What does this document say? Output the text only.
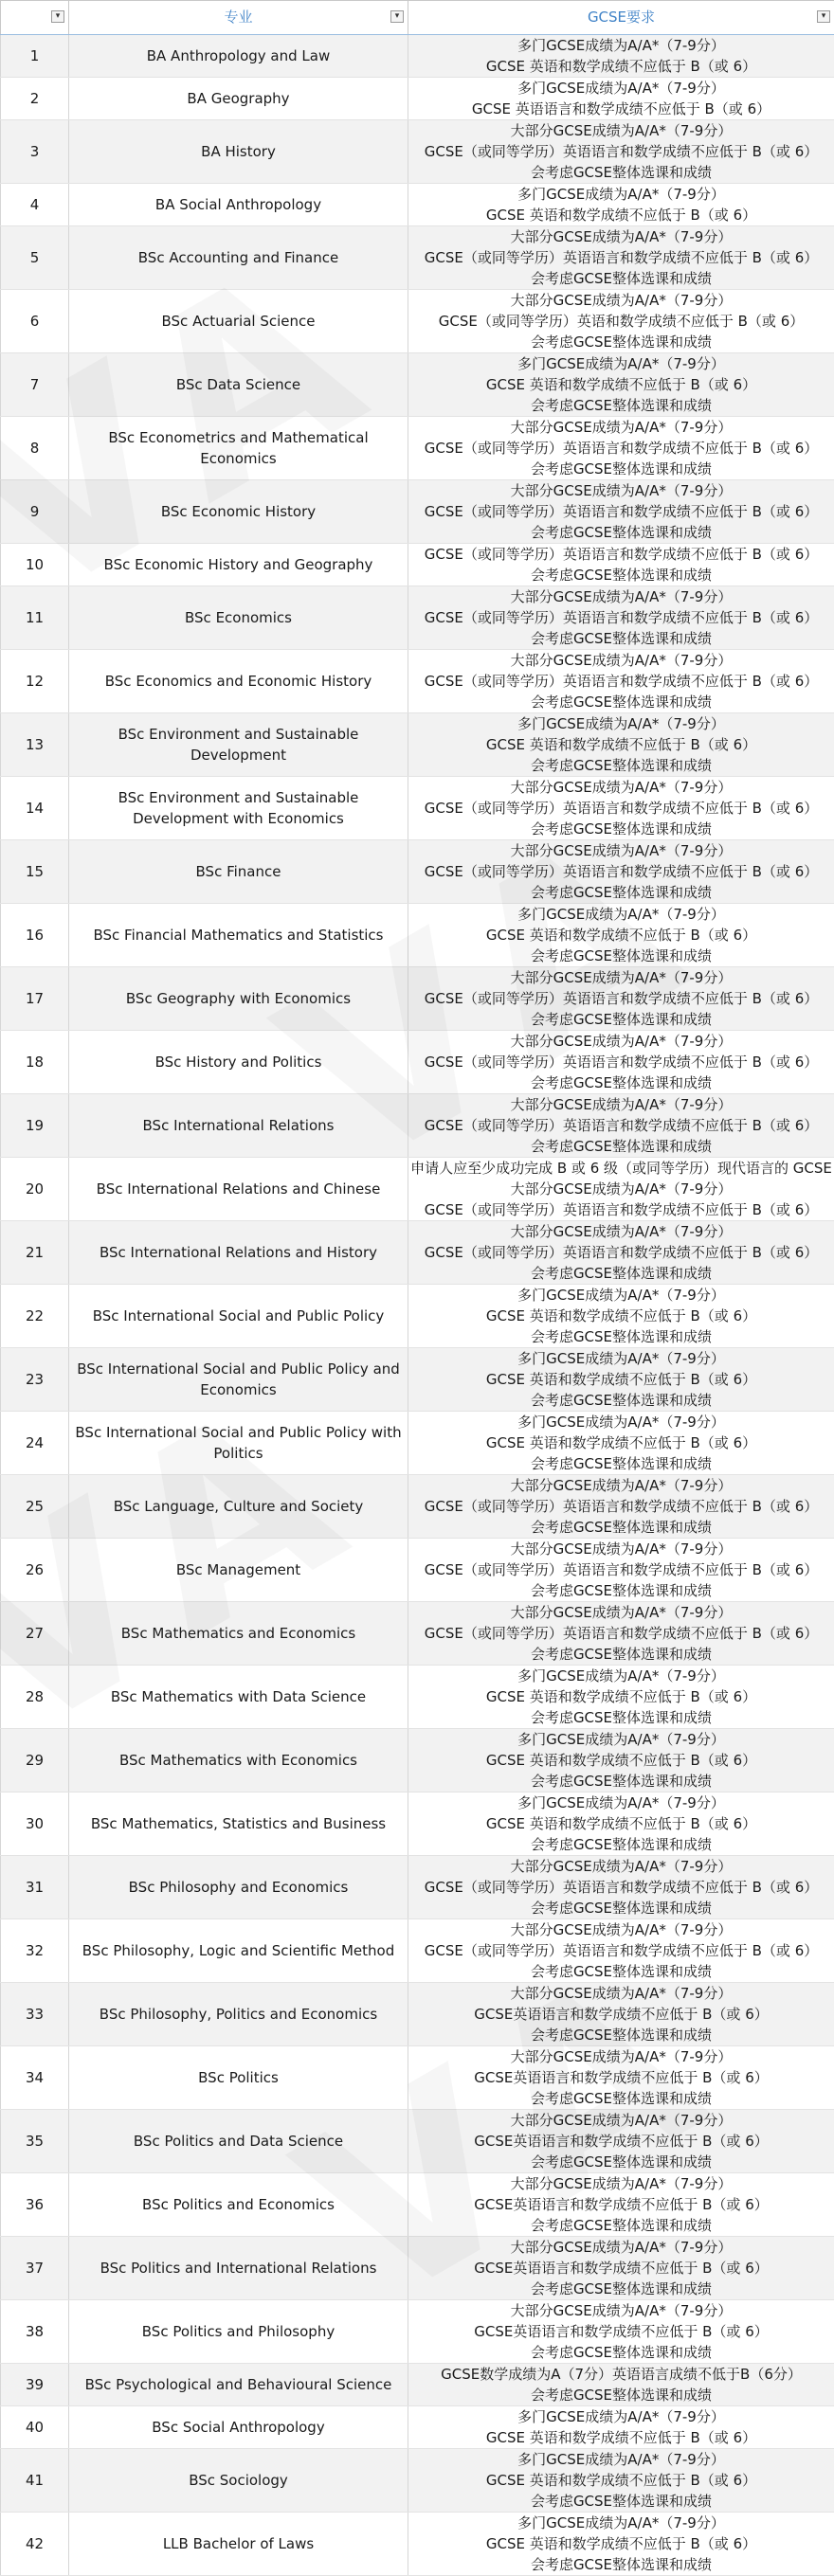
▾	专业 ▾	GCSE要求 ▾

1	BA Anthropology and Law	多门GCSE成绩为A/A*（7-9分）
GCSE 英语和数学成绩不应低于 B（或 6）

2	BA Geography	多门GCSE成绩为A/A*（7-9分）
GCSE 英语语言和数学成绩不应低于 B（或 6）

3	BA History	大部分GCSE成绩为A/A*（7-9分）
GCSE（或同等学历）英语语言和数学成绩不应低于 B（或 6）
会考虑GCSE整体选课和成绩

4	BA Social Anthropology	多门GCSE成绩为A/A*（7-9分）
GCSE 英语和数学成绩不应低于 B（或 6）

5	BSc Accounting and Finance	大部分GCSE成绩为A/A*（7-9分）
GCSE（或同等学历）英语语言和数学成绩不应低于 B（或 6）
会考虑GCSE整体选课和成绩

6	BSc Actuarial Science	大部分GCSE成绩为A/A*（7-9分）
GCSE（或同等学历）英语和数学成绩不应低于 B（或 6）
会考虑GCSE整体选课和成绩

7	BSc Data Science	多门GCSE成绩为A/A*（7-9分）
GCSE 英语和数学成绩不应低于 B（或 6）
会考虑GCSE整体选课和成绩

8	BSc Econometrics and Mathematical Economics	大部分GCSE成绩为A/A*（7-9分）
GCSE（或同等学历）英语语言和数学成绩不应低于 B（或 6）
会考虑GCSE整体选课和成绩

9	BSc Economic History	大部分GCSE成绩为A/A*（7-9分）
GCSE（或同等学历）英语语言和数学成绩不应低于 B（或 6）
会考虑GCSE整体选课和成绩

10	BSc Economic History and Geography	GCSE（或同等学历）英语语言和数学成绩不应低于 B（或 6）
会考虑GCSE整体选课和成绩

11	BSc Economics	大部分GCSE成绩为A/A*（7-9分）
GCSE（或同等学历）英语语言和数学成绩不应低于 B（或 6）
会考虑GCSE整体选课和成绩

12	BSc Economics and Economic History	大部分GCSE成绩为A/A*（7-9分）
GCSE（或同等学历）英语语言和数学成绩不应低于 B（或 6）
会考虑GCSE整体选课和成绩

13	BSc Environment and Sustainable Development	多门GCSE成绩为A/A*（7-9分）
GCSE 英语和数学成绩不应低于 B（或 6）
会考虑GCSE整体选课和成绩

14	BSc Environment and Sustainable Development with Economics	大部分GCSE成绩为A/A*（7-9分）
GCSE（或同等学历）英语语言和数学成绩不应低于 B（或 6）
会考虑GCSE整体选课和成绩

15	BSc Finance	大部分GCSE成绩为A/A*（7-9分）
GCSE（或同等学历）英语语言和数学成绩不应低于 B（或 6）
会考虑GCSE整体选课和成绩

16	BSc Financial Mathematics and Statistics	多门GCSE成绩为A/A*（7-9分）
GCSE 英语和数学成绩不应低于 B（或 6）
会考虑GCSE整体选课和成绩

17	BSc Geography with Economics	大部分GCSE成绩为A/A*（7-9分）
GCSE（或同等学历）英语语言和数学成绩不应低于 B（或 6）
会考虑GCSE整体选课和成绩

18	BSc History and Politics	大部分GCSE成绩为A/A*（7-9分）
GCSE（或同等学历）英语语言和数学成绩不应低于 B（或 6）
会考虑GCSE整体选课和成绩

19	BSc International Relations	大部分GCSE成绩为A/A*（7-9分）
GCSE（或同等学历）英语语言和数学成绩不应低于 B（或 6）
会考虑GCSE整体选课和成绩

20	BSc International Relations and Chinese	申请人应至少成功完成 B 或 6 级（或同等学历）现代语言的 GCSE
大部分GCSE成绩为A/A*（7-9分）
GCSE（或同等学历）英语语言和数学成绩不应低于 B（或 6）

21	BSc International Relations and History	大部分GCSE成绩为A/A*（7-9分）
GCSE（或同等学历）英语语言和数学成绩不应低于 B（或 6）
会考虑GCSE整体选课和成绩

22	BSc International Social and Public Policy	多门GCSE成绩为A/A*（7-9分）
GCSE 英语和数学成绩不应低于 B（或 6）
会考虑GCSE整体选课和成绩

23	BSc International Social and Public Policy and Economics	多门GCSE成绩为A/A*（7-9分）
GCSE 英语和数学成绩不应低于 B（或 6）
会考虑GCSE整体选课和成绩

24	BSc International Social and Public Policy with Politics	多门GCSE成绩为A/A*（7-9分）
GCSE 英语和数学成绩不应低于 B（或 6）
会考虑GCSE整体选课和成绩

25	BSc Language, Culture and Society	大部分GCSE成绩为A/A*（7-9分）
GCSE（或同等学历）英语语言和数学成绩不应低于 B（或 6）
会考虑GCSE整体选课和成绩

26	BSc Management	大部分GCSE成绩为A/A*（7-9分）
GCSE（或同等学历）英语语言和数学成绩不应低于 B（或 6）
会考虑GCSE整体选课和成绩

27	BSc Mathematics and Economics	大部分GCSE成绩为A/A*（7-9分）
GCSE（或同等学历）英语语言和数学成绩不应低于 B（或 6）
会考虑GCSE整体选课和成绩

28	BSc Mathematics with Data Science	多门GCSE成绩为A/A*（7-9分）
GCSE 英语和数学成绩不应低于 B（或 6）
会考虑GCSE整体选课和成绩

29	BSc Mathematics with Economics	多门GCSE成绩为A/A*（7-9分）
GCSE 英语和数学成绩不应低于 B（或 6）
会考虑GCSE整体选课和成绩

30	BSc Mathematics, Statistics and Business	多门GCSE成绩为A/A*（7-9分）
GCSE 英语和数学成绩不应低于 B（或 6）
会考虑GCSE整体选课和成绩

31	BSc Philosophy and Economics	大部分GCSE成绩为A/A*（7-9分）
GCSE（或同等学历）英语语言和数学成绩不应低于 B（或 6）
会考虑GCSE整体选课和成绩

32	BSc Philosophy, Logic and Scientific Method	大部分GCSE成绩为A/A*（7-9分）
GCSE（或同等学历）英语语言和数学成绩不应低于 B（或 6）
会考虑GCSE整体选课和成绩

33	BSc Philosophy, Politics and Economics	大部分GCSE成绩为A/A*（7-9分）
GCSE英语语言和数学成绩不应低于 B（或 6）
会考虑GCSE整体选课和成绩

34	BSc Politics	大部分GCSE成绩为A/A*（7-9分）
GCSE英语语言和数学成绩不应低于 B（或 6）
会考虑GCSE整体选课和成绩

35	BSc Politics and Data Science	大部分GCSE成绩为A/A*（7-9分）
GCSE英语语言和数学成绩不应低于 B（或 6）
会考虑GCSE整体选课和成绩

36	BSc Politics and Economics	大部分GCSE成绩为A/A*（7-9分）
GCSE英语语言和数学成绩不应低于 B（或 6）
会考虑GCSE整体选课和成绩

37	BSc Politics and International Relations	大部分GCSE成绩为A/A*（7-9分）
GCSE英语语言和数学成绩不应低于 B（或 6）
会考虑GCSE整体选课和成绩

38	BSc Politics and Philosophy	大部分GCSE成绩为A/A*（7-9分）
GCSE英语语言和数学成绩不应低于 B（或 6）
会考虑GCSE整体选课和成绩

39	BSc Psychological and Behavioural Science	GCSE数学成绩为A（7分）英语语言成绩不低于B（6分）
会考虑GCSE整体选课和成绩

40	BSc Social Anthropology	多门GCSE成绩为A/A*（7-9分）
GCSE 英语和数学成绩不应低于 B（或 6）

41	BSc Sociology	多门GCSE成绩为A/A*（7-9分）
GCSE 英语和数学成绩不应低于 B（或 6）
会考虑GCSE整体选课和成绩

42	LLB Bachelor of Laws	多门GCSE成绩为A/A*（7-9分）
GCSE 英语和数学成绩不应低于 B（或 6）
会考虑GCSE整体选课和成绩
